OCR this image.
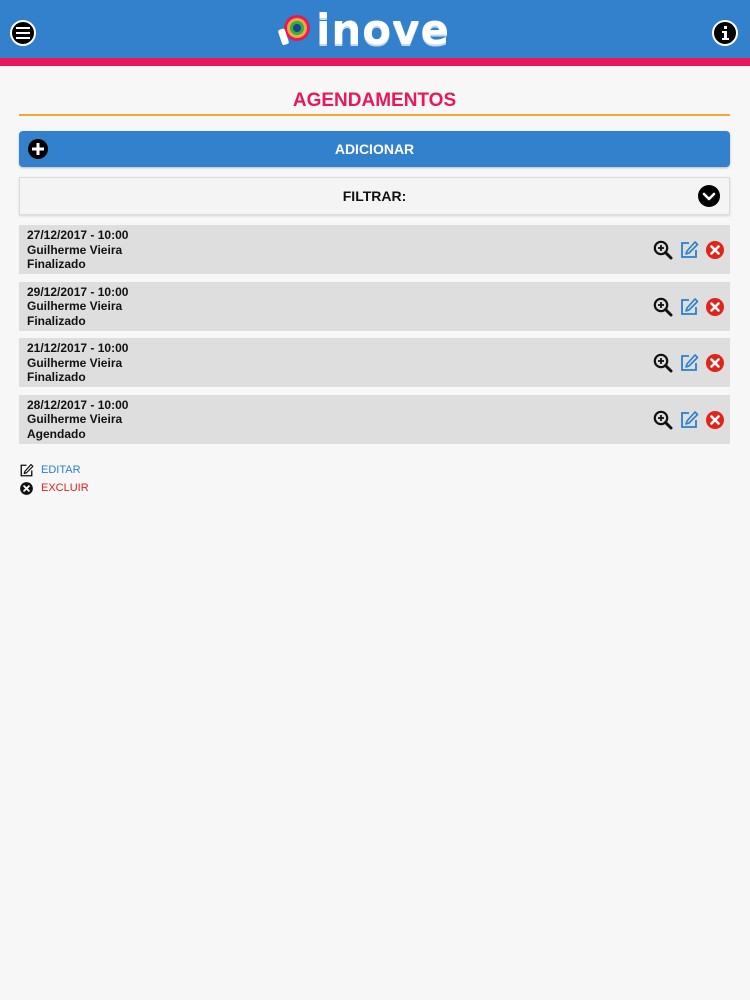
inove
AGENDAMENTOS
ADICIONAR
FILTRAR:
27/12/2017 - 10:00
Guilherme Vieira
Finalizado
29/12/2017 - 10:00
Guilherme Vieira
Finalizado
21/12/2017 - 10:00
Guilherme Vieira
Finalizado
28/12/2017 - 10:00
Guilherme Vieira
Agendado
EDITAR
EXCLUIR
